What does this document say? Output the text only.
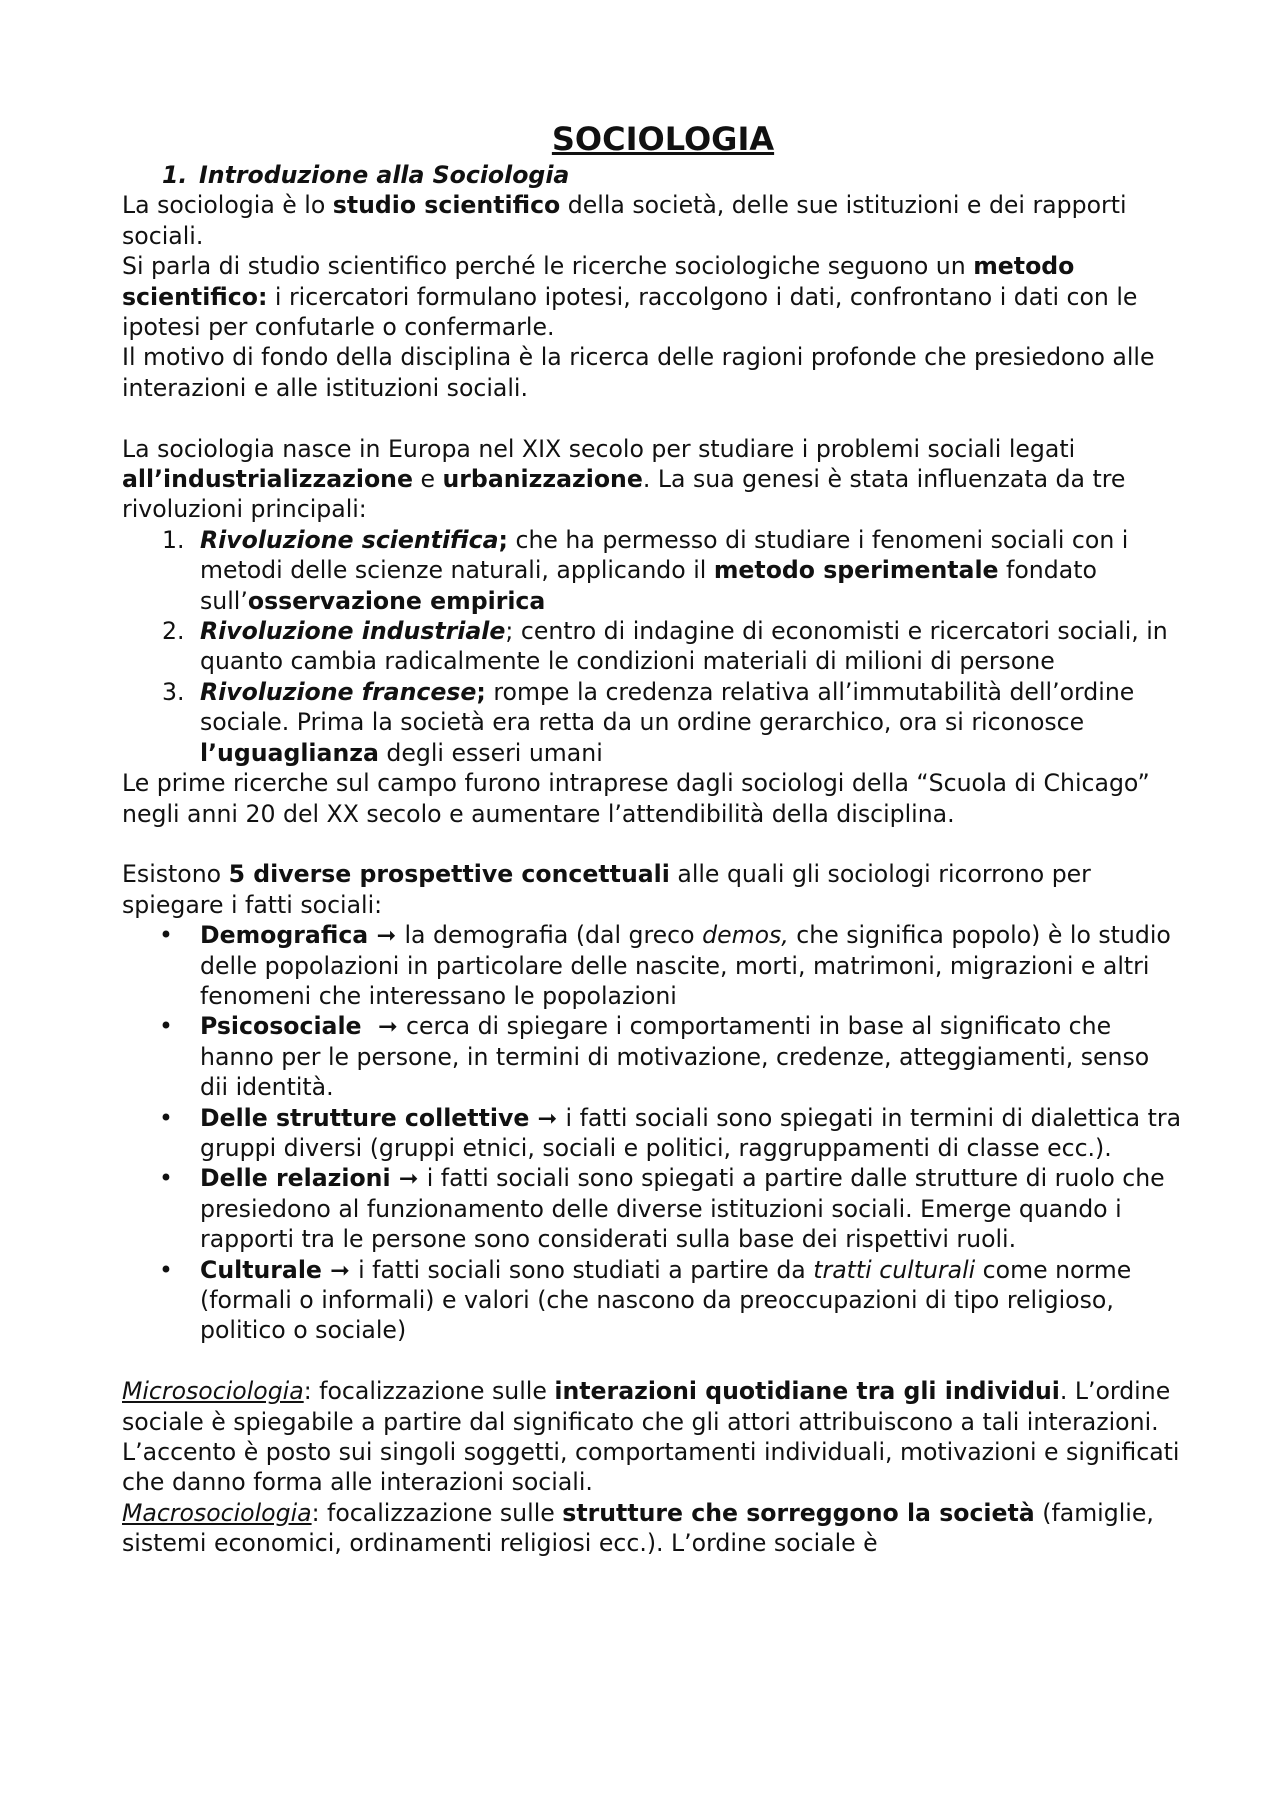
SOCIOLOGIA
1. Introduzione alla Sociologia

La sociologia è lo studio scientifico della società, delle sue istituzioni e dei rapporti sociali.

Si parla di studio scientifico perché le ricerche sociologiche seguono un metodo scientifico: i ricercatori formulano ipotesi, raccolgono i dati, confrontano i dati con le ipotesi per confutarle o confermarle.

Il motivo di fondo della disciplina è la ricerca delle ragioni profonde che presiedono alle interazioni e alle istituzioni sociali.

La sociologia nasce in Europa nel XIX secolo per studiare i problemi sociali legati all’industrializzazione e urbanizzazione. La sua genesi è stata influenzata da tre rivoluzioni principali:

1. Rivoluzione scientifica; che ha permesso di studiare i fenomeni sociali con i metodi delle scienze naturali, applicando il metodo sperimentale fondato sull’osservazione empirica
2. Rivoluzione industriale; centro di indagine di economisti e ricercatori sociali, in quanto cambia radicalmente le condizioni materiali di milioni di persone
3. Rivoluzione francese; rompe la credenza relativa all’immutabilità dell’ordine sociale. Prima la società era retta da un ordine gerarchico, ora si riconosce l’uguaglianza degli esseri umani

Le prime ricerche sul campo furono intraprese dagli sociologi della “Scuola di Chicago” negli anni 20 del XX secolo e aumentare l’attendibilità della disciplina.

Esistono 5 diverse prospettive concettuali alle quali gli sociologi ricorrono per spiegare i fatti sociali:

•	Demografica ➞ la demografia (dal greco demos, che significa popolo) è lo studio delle popolazioni in particolare delle nascite, morti, matrimoni, migrazioni e altri fenomeni che interessano le popolazioni
•	Psicosociale  ➞ cerca di spiegare i comportamenti in base al significato che hanno per le persone, in termini di motivazione, credenze, atteggiamenti, senso dii identità.
•	Delle strutture collettive ➞ i fatti sociali sono spiegati in termini di dialettica tra gruppi diversi (gruppi etnici, sociali e politici, raggruppamenti di classe ecc.).
•	Delle relazioni ➞ i fatti sociali sono spiegati a partire dalle strutture di ruolo che presiedono al funzionamento delle diverse istituzioni sociali. Emerge quando i rapporti tra le persone sono considerati sulla base dei rispettivi ruoli.
•	Culturale ➞ i fatti sociali sono studiati a partire da tratti culturali come norme (formali o informali) e valori (che nascono da preoccupazioni di tipo religioso, politico o sociale)

Microsociologia: focalizzazione sulle interazioni quotidiane tra gli individui. L’ordine sociale è spiegabile a partire dal significato che gli attori attribuiscono a tali interazioni. L’accento è posto sui singoli soggetti, comportamenti individuali, motivazioni e significati che danno forma alle interazioni sociali.

Macrosociologia: focalizzazione sulle strutture che sorreggono la società (famiglie, sistemi economici, ordinamenti religiosi ecc.). L’ordine sociale è
